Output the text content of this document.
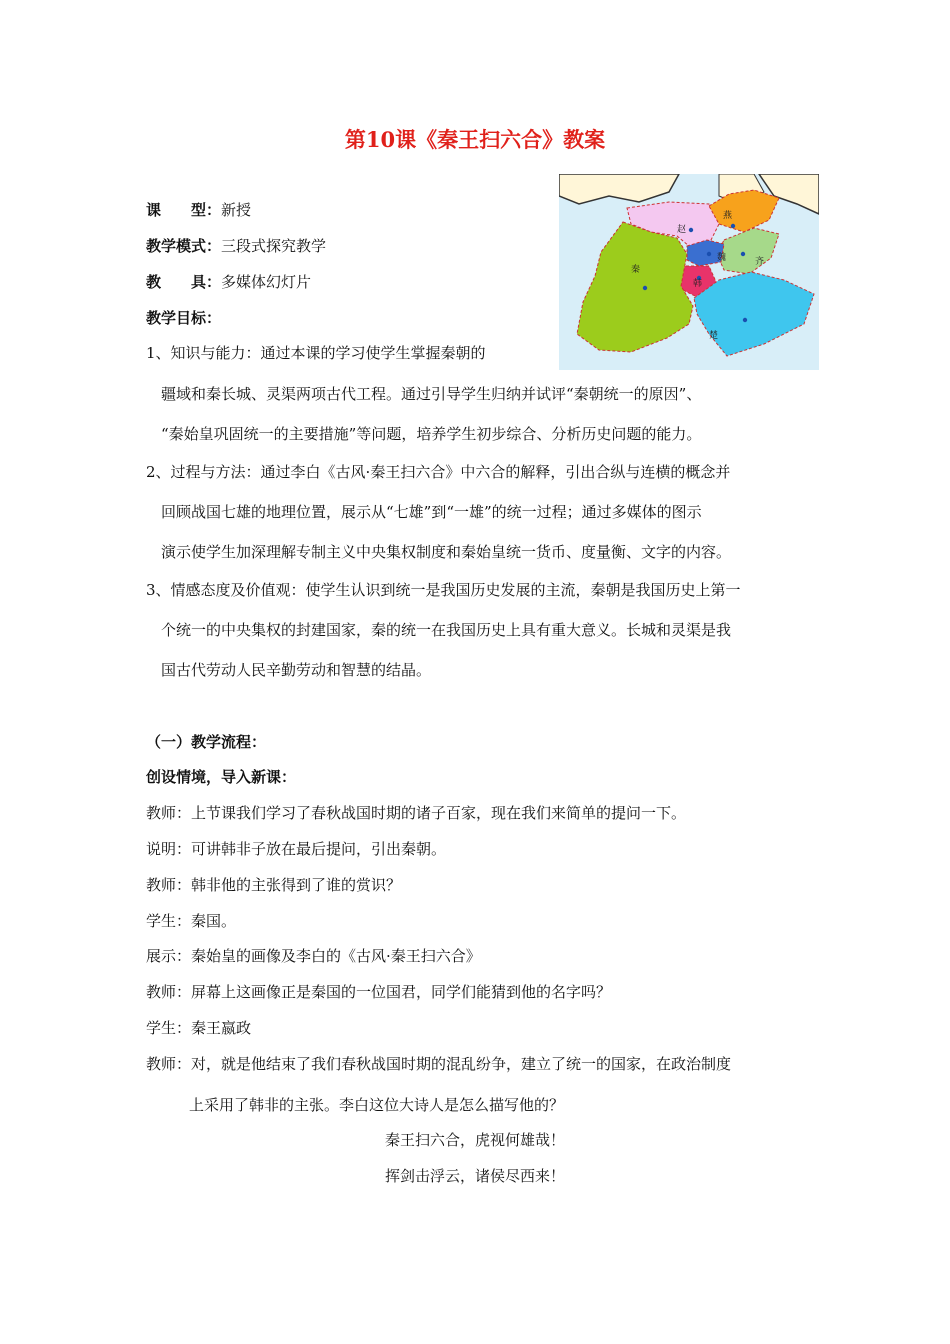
第10课《秦王扫六合》教案
课　　型：新授
教学模式：三段式探究教学
教　　具：多媒体幻灯片
教学目标：
赵
燕
秦
魏	齐
韩
楚
1、知识与能力：通过本课的学习使学生掌握秦朝的
疆域和秦长城、灵渠两项古代工程。通过引导学生归纳并试评“秦朝统一的原因”、
“秦始皇巩固统一的主要措施”等问题，培养学生初步综合、分析历史问题的能力。
2、过程与方法：通过李白《古风·秦王扫六合》中六合的解释，引出合纵与连横的概念并
回顾战国七雄的地理位置，展示从“七雄”到“一雄”的统一过程；通过多媒体的图示
演示使学生加深理解专制主义中央集权制度和秦始皇统一货币、度量衡、文字的内容。
3、情感态度及价值观：使学生认识到统一是我国历史发展的主流，秦朝是我国历史上第一
个统一的中央集权的封建国家，秦的统一在我国历史上具有重大意义。长城和灵渠是我
国古代劳动人民辛勤劳动和智慧的结晶。
（一）教学流程：
创设情境，导入新课：
教师：上节课我们学习了春秋战国时期的诸子百家，现在我们来简单的提问一下。
说明：可讲韩非子放在最后提问，引出秦朝。
教师：韩非他的主张得到了谁的赏识？
学生：秦国。
展示：秦始皇的画像及李白的《古风·秦王扫六合》
教师：屏幕上这画像正是秦国的一位国君，同学们能猜到他的名字吗？
学生：秦王嬴政
教师：对，就是他结束了我们春秋战国时期的混乱纷争，建立了统一的国家，在政治制度
上采用了韩非的主张。李白这位大诗人是怎么描写他的？
秦王扫六合，虎视何雄哉！
挥剑击浮云，诸侯尽西来！
